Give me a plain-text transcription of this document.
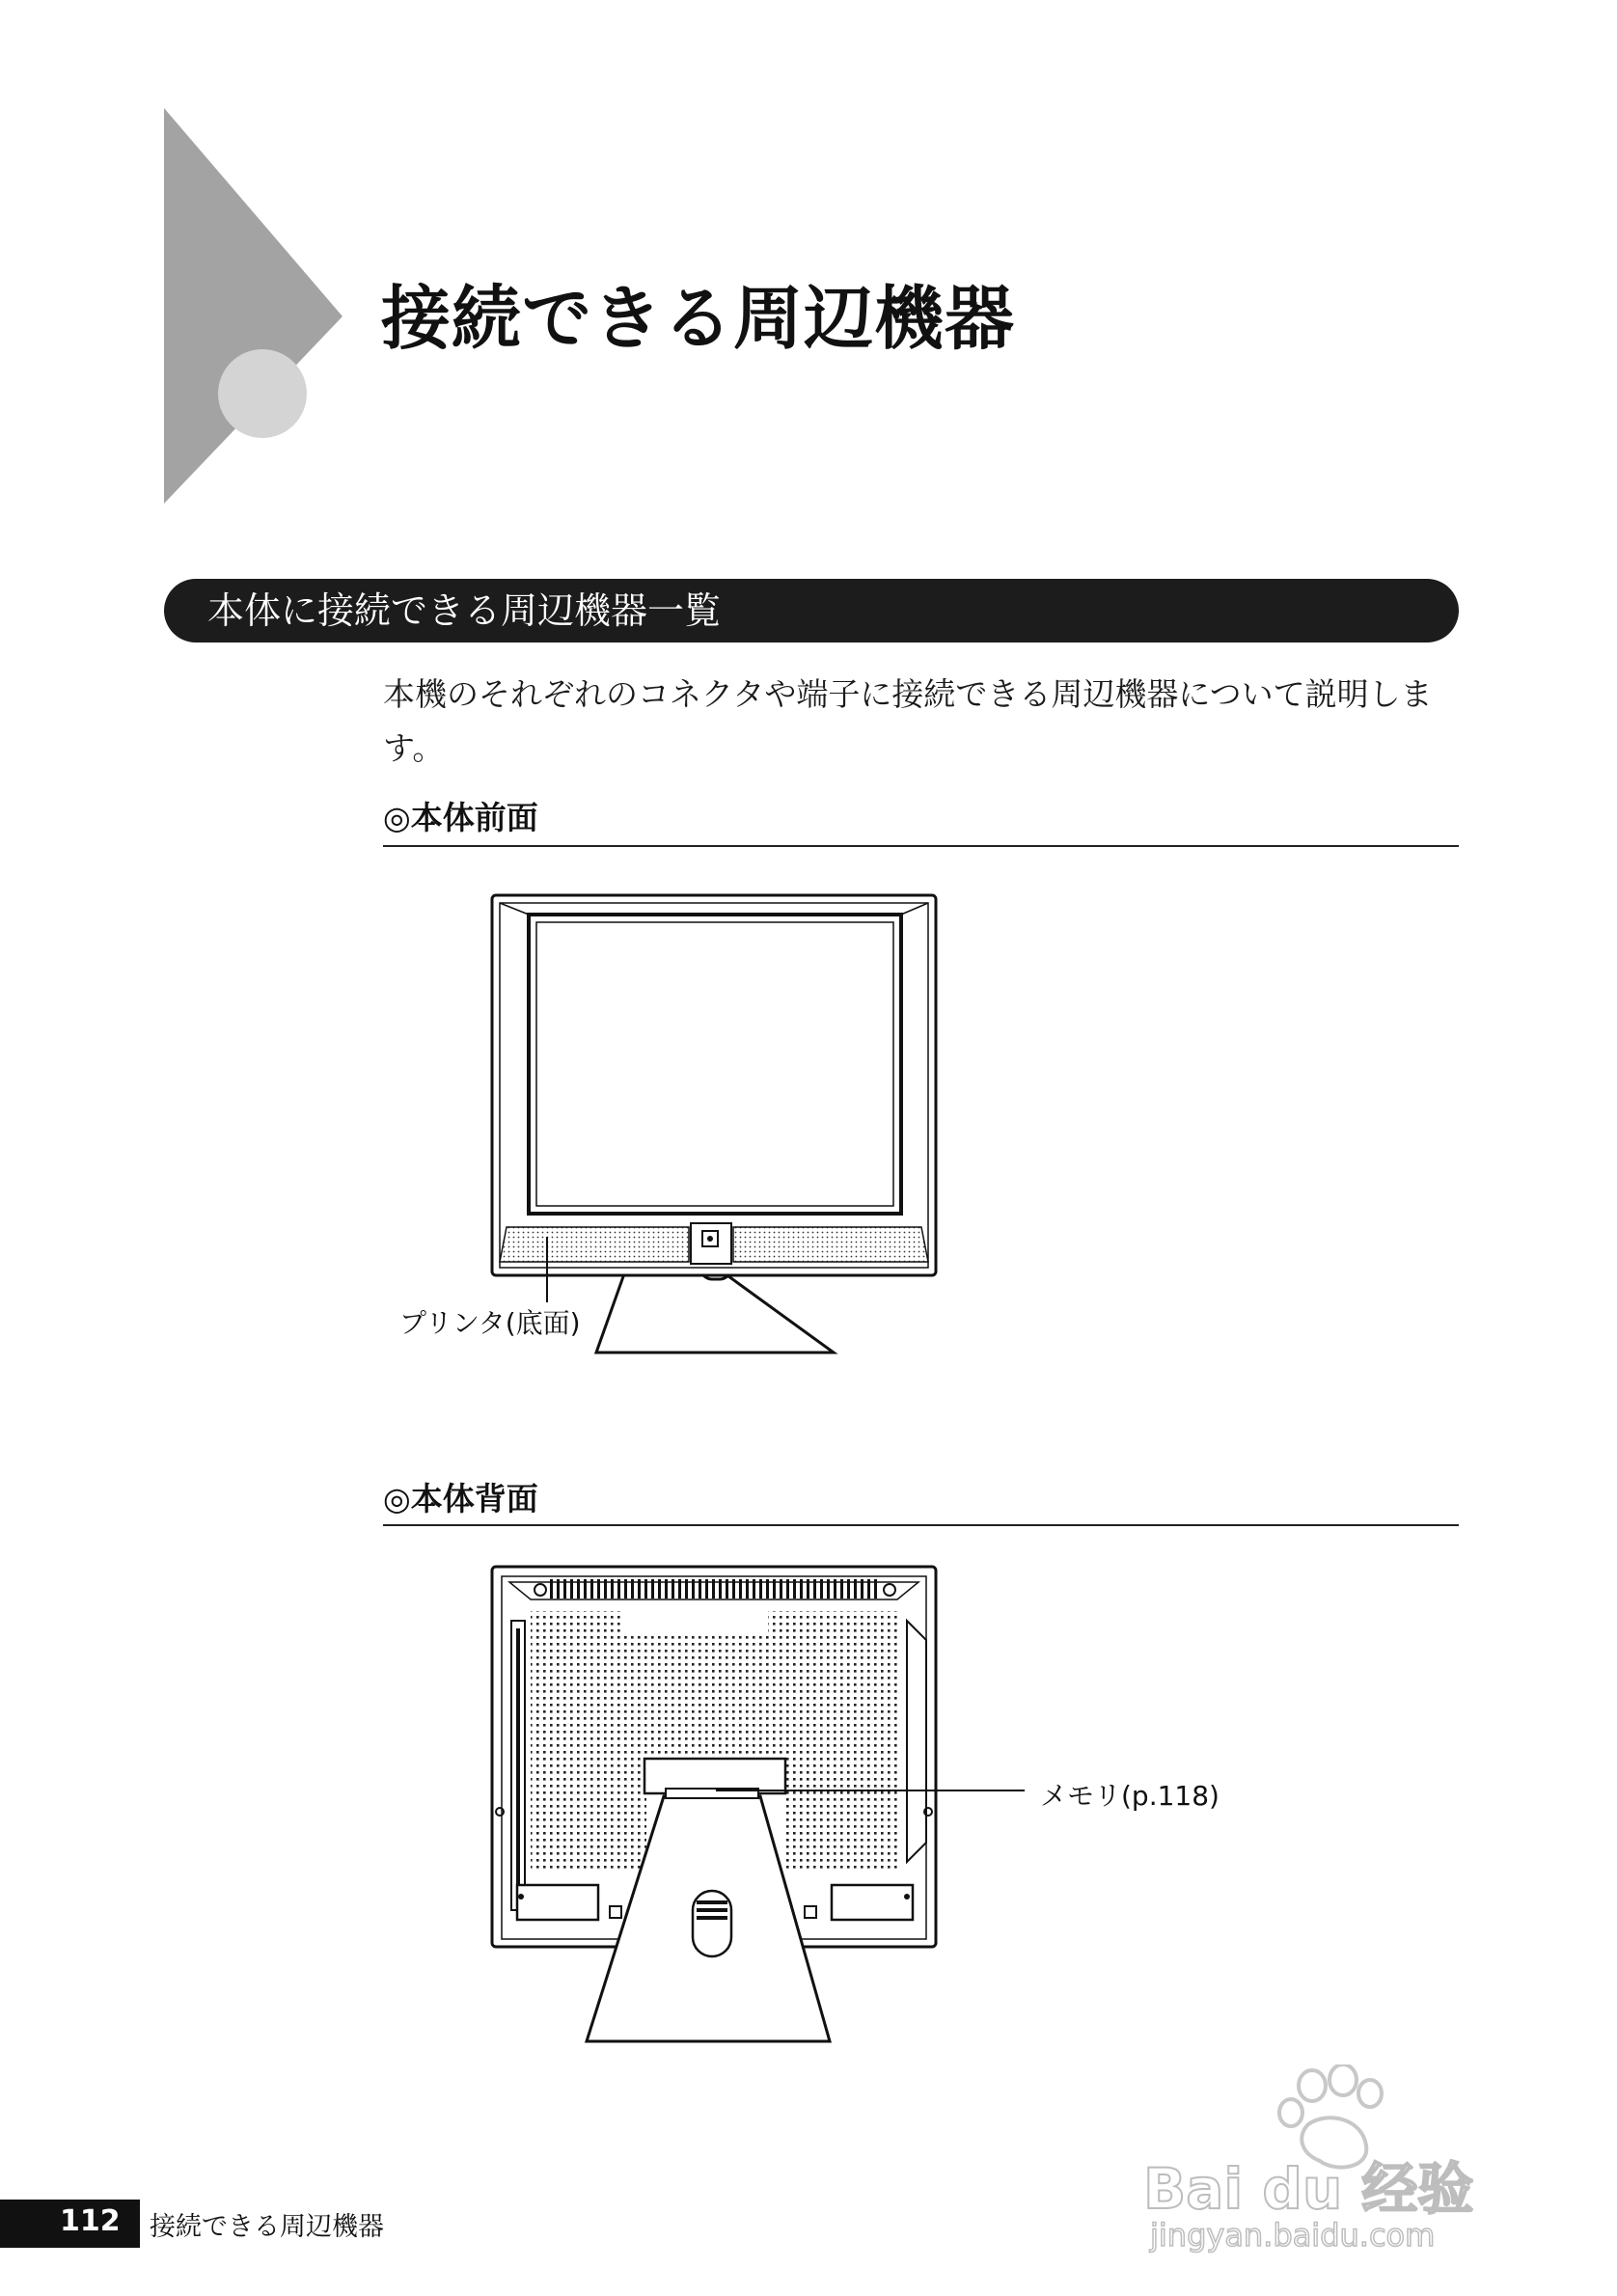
接続できる周辺機器
本体に接続できる周辺機器一覧
本機のそれぞれのコネクタや端子に接続できる周辺機器について説明します。
◎本体前面
プリンタ(底面)
◎本体背面
メモリ(p.118)
112 接続できる周辺機器
Bai du 经验
jingyan.baidu.com
